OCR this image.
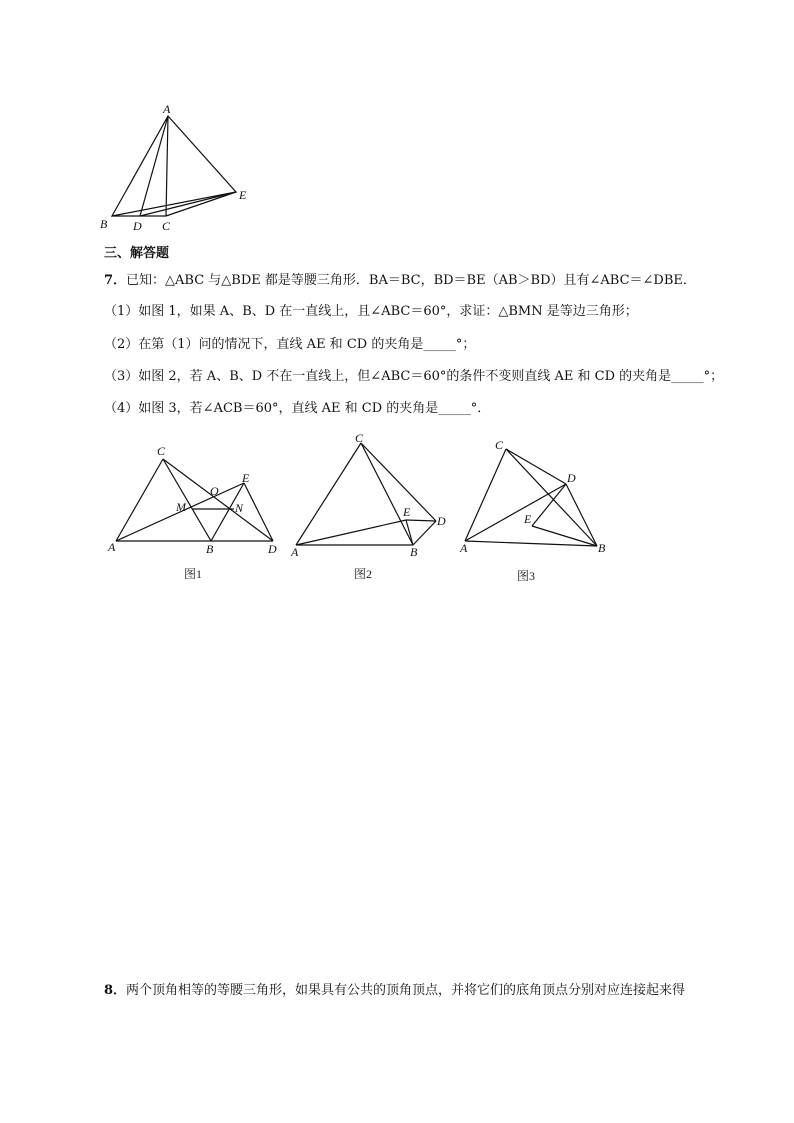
A
B D C
E
三、解答题
7．已知：△ABC 与△BDE 都是等腰三角形．BA＝BC，BD＝BE（AB＞BD）且有∠ABC＝∠DBE．
（1）如图 1，如果 A、B、D 在一直线上，且∠ABC＝60°，求证：△BMN 是等边三角形；
（2）在第（1）问的情况下，直线 AE 和 CD 的夹角是_____°；
（3）如图 2，若 A、B、D 不在一直线上，但∠ABC＝60°的条件不变则直线 AE 和 CD 的夹角是_____°；
（4）如图 3，若∠ACB＝60°，直线 AE 和 CD 的夹角是_____°．
C
A	B	D
E
M	N
O
图1
C
A	B
D
E
图2
C
A	B
D
E
图3
8．两个顶角相等的等腰三角形，如果具有公共的顶角顶点，并将它们的底角顶点分别对应连接起来得
